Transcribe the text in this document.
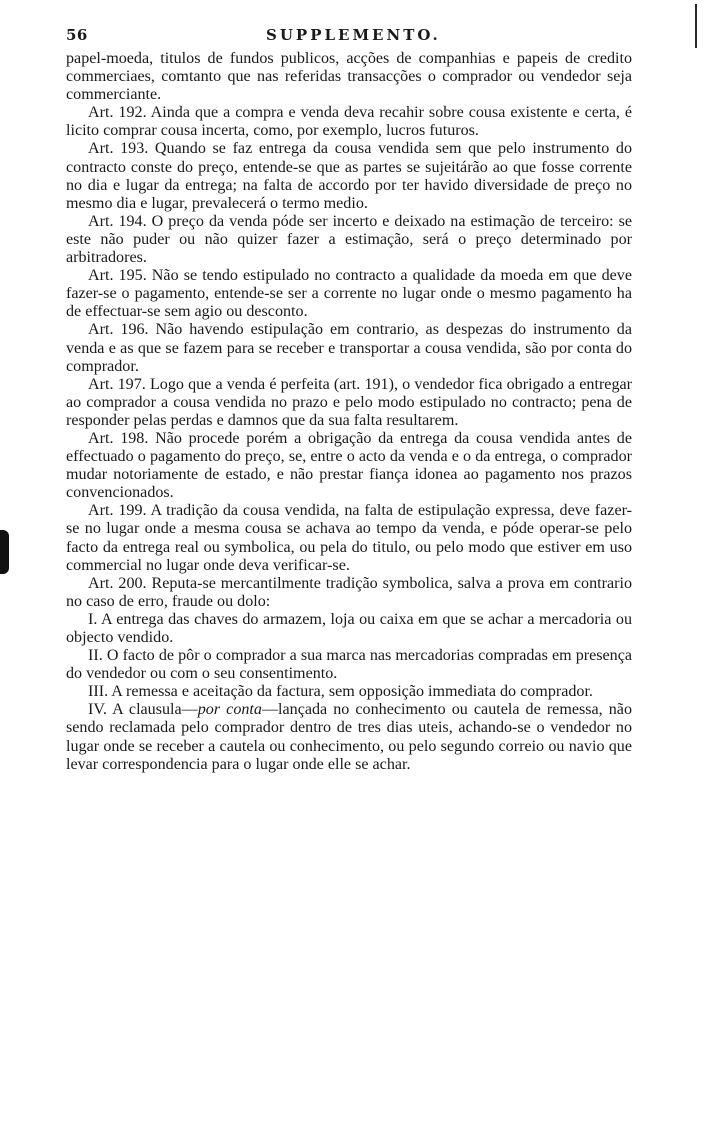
56	SUPPLEMENTO.

papel-moeda, titulos de fundos publicos, acções de companhias e papeis de credito commerciaes, comtanto que nas referidas transacções o comprador ou vendedor seja commerciante.

Art. 192. Ainda que a compra e venda deva recahir sobre cousa existente e certa, é licito comprar cousa incerta, como, por exemplo, lucros futuros.

Art. 193. Quando se faz entrega da cousa vendida sem que pelo instrumento do contracto conste do preço, entende-se que as partes se sujeitárão ao que fosse corrente no dia e lugar da entrega; na falta de accordo por ter havido diversidade de preço no mesmo dia e lugar, prevalecerá o termo medio.

Art. 194. O preço da venda póde ser incerto e deixado na estimação de terceiro: se este não puder ou não quizer fazer a estimação, será o preço determinado por arbitradores.

Art. 195. Não se tendo estipulado no contracto a qualidade da moeda em que deve fazer-se o pagamento, entende-se ser a corrente no lugar onde o mesmo pagamento ha de effectuar-se sem agio ou desconto.

Art. 196. Não havendo estipulação em contrario, as despezas do instrumento da venda e as que se fazem para se receber e transportar a cousa vendida, são por conta do comprador.

Art. 197. Logo que a venda é perfeita (art. 191), o vendedor fica obrigado a entregar ao comprador a cousa vendida no prazo e pelo modo estipulado no contracto; pena de responder pelas perdas e damnos que da sua falta resultarem.

Art. 198. Não procede porém a obrigação da entrega da cousa vendida antes de effectuado o pagamento do preço, se, entre o acto da venda e o da entrega, o comprador mudar notoriamente de estado, e não prestar fiança idonea ao pagamento nos prazos convencionados.

Art. 199. A tradição da cousa vendida, na falta de estipulação expressa, deve fazer-se no lugar onde a mesma cousa se achava ao tempo da venda, e póde operar-se pelo facto da entrega real ou symbolica, ou pela do titulo, ou pelo modo que estiver em uso commercial no lugar onde deva verificar-se.

Art. 200. Reputa-se mercantilmente tradição symbolica, salva a prova em contrario no caso de erro, fraude ou dolo:

I. A entrega das chaves do armazem, loja ou caixa em que se achar a mercadoria ou objecto vendido.

II. O facto de pôr o comprador a sua marca nas mercadorias compradas em presença do vendedor ou com o seu consentimento.

III. A remessa e aceitação da factura, sem opposição immediata do comprador.

IV. A clausula—por conta—lançada no conhecimento ou cautela de remessa, não sendo reclamada pelo comprador dentro de tres dias uteis, achando-se o vendedor no lugar onde se receber a cautela ou conhecimento, ou pelo segundo correio ou navio que levar correspondencia para o lugar onde elle se achar.
